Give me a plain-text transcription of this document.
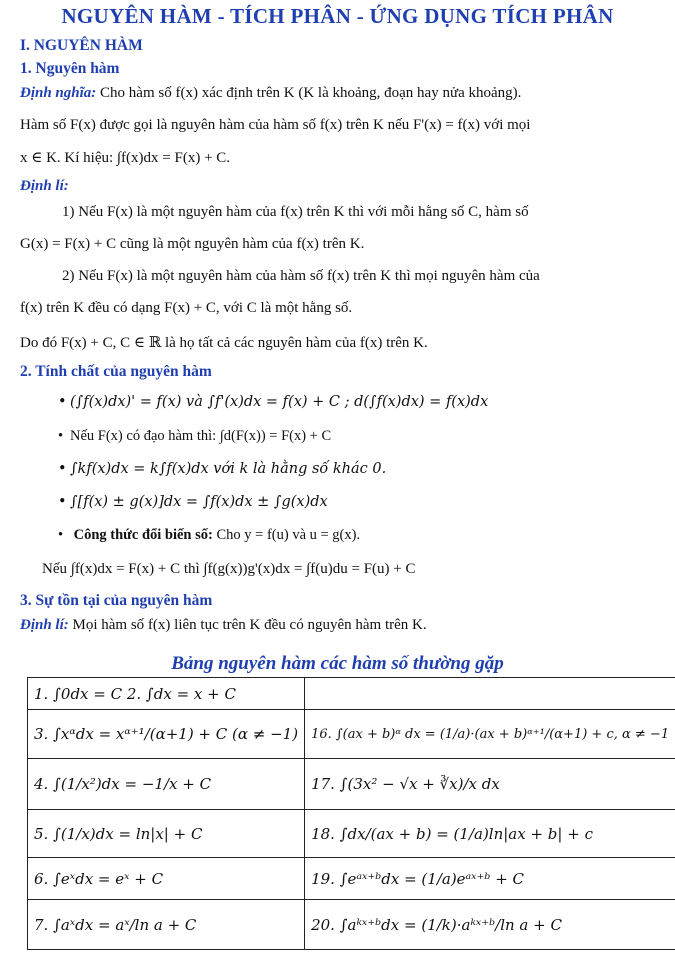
NGUYÊN HÀM - TÍCH PHÂN - ỨNG DỤNG TÍCH PHÂN
I. NGUYÊN HÀM
1. Nguyên hàm
Định nghĩa: Cho hàm số f(x) xác định trên K (K là khoảng, đoạn hay nửa khoảng).
Hàm số F(x) được gọi là nguyên hàm của hàm số f(x) trên K nếu F'(x) = f(x) với mọi
x ∈ K. Kí hiệu: ∫f(x)dx = F(x) + C.
Định lí:
1) Nếu F(x) là một nguyên hàm của f(x) trên K thì với mỗi hằng số C, hàm số
G(x) = F(x) + C cũng là một nguyên hàm của f(x) trên K.
2) Nếu F(x) là một nguyên hàm của hàm số f(x) trên K thì mọi nguyên hàm của
f(x) trên K đều có dạng F(x) + C, với C là một hằng số.
Do đó F(x) + C, C ∈ ℝ là họ tất cả các nguyên hàm của f(x) trên K.
2. Tính chất của nguyên hàm
• (∫f(x)dx)' = f(x) và ∫f'(x)dx = f(x) + C ; d(∫f(x)dx) = f(x)dx
• Nếu F(x) có đạo hàm thì: ∫d(F(x)) = F(x) + C
• ∫kf(x)dx = k∫f(x)dx với k là hằng số khác 0.
• ∫[f(x) ± g(x)]dx = ∫f(x)dx ± ∫g(x)dx
• Công thức đổi biến số: Cho y = f(u) và u = g(x).
Nếu ∫f(x)dx = F(x) + C thì ∫f(g(x))g'(x)dx = ∫f(u)du = F(u) + C
3. Sự tồn tại của nguyên hàm
Định lí: Mọi hàm số f(x) liên tục trên K đều có nguyên hàm trên K.
Bảng nguyên hàm các hàm số thường gặp
1. ∫0dx = C 2. ∫dx = x + C	
3. ∫xᵅdx = xᵅ⁺¹/(α+1) + C (α ≠ −1)	16. ∫(ax + b)ᵅ dx = (1/a)·(ax + b)ᵅ⁺¹/(α+1) + c, α ≠ −1
4. ∫(1/x²)dx = −1/x + C	17. ∫(3x² − √x + ∛x)/x dx
5. ∫(1/x)dx = ln|x| + C	18. ∫dx/(ax + b) = (1/a)ln|ax + b| + c
6. ∫eˣdx = eˣ + C	19. ∫eᵃˣ⁺ᵇdx = (1/a)eᵃˣ⁺ᵇ + C
7. ∫aˣdx = aˣ/ln a + C	20. ∫aᵏˣ⁺ᵇdx = (1/k)·aᵏˣ⁺ᵇ/ln a + C
